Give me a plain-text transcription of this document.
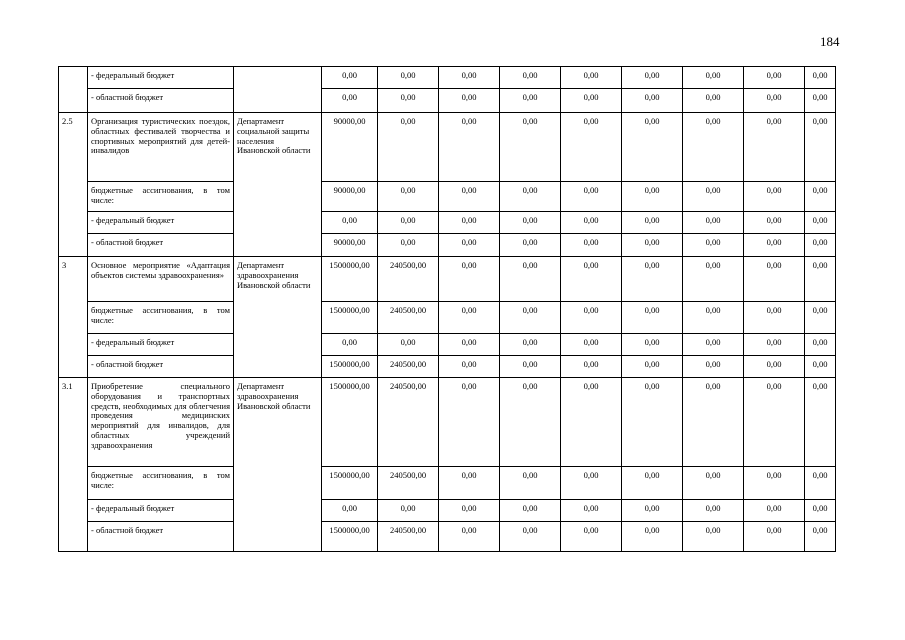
184
	- федеральный бюджет		0,00	0,00	0,00	0,00	0,00	0,00	0,00	0,00	0,00
	- областной бюджет		0,00	0,00	0,00	0,00	0,00	0,00	0,00	0,00	0,00
2.5	Организация туристических поездок, областных фестивалей творчества и спортивных мероприятий для детей-инвалидов	Департамент социальной защиты населения Ивановской области	90000,00	0,00	0,00	0,00	0,00	0,00	0,00	0,00	0,00
	бюджетные ассигнования, в том числе:		90000,00	0,00	0,00	0,00	0,00	0,00	0,00	0,00	0,00
	- федеральный бюджет		0,00	0,00	0,00	0,00	0,00	0,00	0,00	0,00	0,00
	- областной бюджет		90000,00	0,00	0,00	0,00	0,00	0,00	0,00	0,00	0,00
3	Основное мероприятие «Адаптация объектов системы здравоохранения»	Департамент здравоохранения Ивановской области	1500000,00	240500,00	0,00	0,00	0,00	0,00	0,00	0,00	0,00
	бюджетные ассигнования, в том числе:		1500000,00	240500,00	0,00	0,00	0,00	0,00	0,00	0,00	0,00
	- федеральный бюджет		0,00	0,00	0,00	0,00	0,00	0,00	0,00	0,00	0,00
	- областной бюджет		1500000,00	240500,00	0,00	0,00	0,00	0,00	0,00	0,00	0,00
3.1	Приобретение специального оборудования и транспортных средств, необходимых для облегчения проведения медицинских мероприятий для инвалидов, для областных учреждений здравоохранения	Департамент здравоохранения Ивановской области	1500000,00	240500,00	0,00	0,00	0,00	0,00	0,00	0,00	0,00
	бюджетные ассигнования, в том числе:		1500000,00	240500,00	0,00	0,00	0,00	0,00	0,00	0,00	0,00
	- федеральный бюджет		0,00	0,00	0,00	0,00	0,00	0,00	0,00	0,00	0,00
	- областной бюджет		1500000,00	240500,00	0,00	0,00	0,00	0,00	0,00	0,00	0,00
